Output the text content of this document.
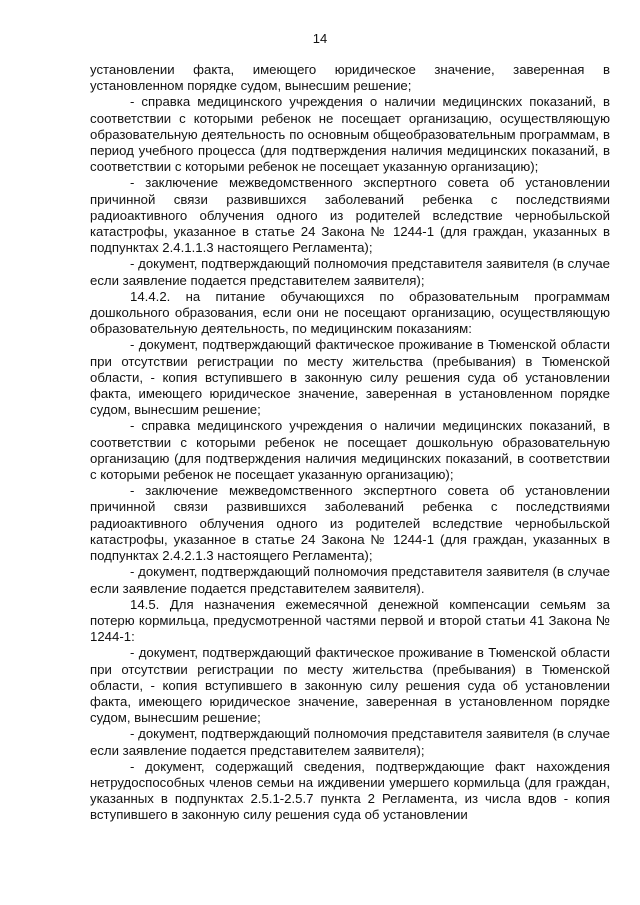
14

установлении факта, имеющего юридическое значение, заверенная в установленном порядке судом, вынесшим решение;

- справка медицинского учреждения о наличии медицинских показаний, в соответствии с которыми ребенок не посещает организацию, осуществляющую образовательную деятельность по основным общеобразовательным программам, в период учебного процесса (для подтверждения наличия медицинских показаний, в соответствии с которыми ребенок не посещает указанную организацию);

- заключение межведомственного экспертного совета об установлении причинной связи развившихся заболеваний ребенка с последствиями радиоактивного облучения одного из родителей вследствие чернобыльской катастрофы, указанное в статье 24 Закона № 1244-1 (для граждан, указанных в подпунктах 2.4.1.1.3 настоящего Регламента);

- документ, подтверждающий полномочия представителя заявителя (в случае если заявление подается представителем заявителя);

14.4.2. на питание обучающихся по образовательным программам дошкольного образования, если они не посещают организацию, осуществляющую образовательную деятельность, по медицинским показаниям:

- документ, подтверждающий фактическое проживание в Тюменской области при отсутствии регистрации по месту жительства (пребывания) в Тюменской области, - копия вступившего в законную силу решения суда об установлении факта, имеющего юридическое значение, заверенная в установленном порядке судом, вынесшим решение;

- справка медицинского учреждения о наличии медицинских показаний, в соответствии с которыми ребенок не посещает дошкольную образовательную организацию (для подтверждения наличия медицинских показаний, в соответствии с которыми ребенок не посещает указанную организацию);

- заключение межведомственного экспертного совета об установлении причинной связи развившихся заболеваний ребенка с последствиями радиоактивного облучения одного из родителей вследствие чернобыльской катастрофы, указанное в статье 24 Закона № 1244-1 (для граждан, указанных в подпунктах 2.4.2.1.3 настоящего Регламента);

- документ, подтверждающий полномочия представителя заявителя (в случае если заявление подается представителем заявителя).

14.5. Для назначения ежемесячной денежной компенсации семьям за потерю кормильца, предусмотренной частями первой и второй статьи 41 Закона № 1244-1:

- документ, подтверждающий фактическое проживание в Тюменской области при отсутствии регистрации по месту жительства (пребывания) в Тюменской области, - копия вступившего в законную силу решения суда об установлении факта, имеющего юридическое значение, заверенная в установленном порядке судом, вынесшим решение;

- документ, подтверждающий полномочия представителя заявителя (в случае если заявление подается представителем заявителя);

- документ, содержащий сведения, подтверждающие факт нахождения нетрудоспособных членов семьи на иждивении умершего кормильца (для граждан, указанных в подпунктах 2.5.1-2.5.7 пункта 2 Регламента, из числа вдов - копия вступившего в законную силу решения суда об установлении
